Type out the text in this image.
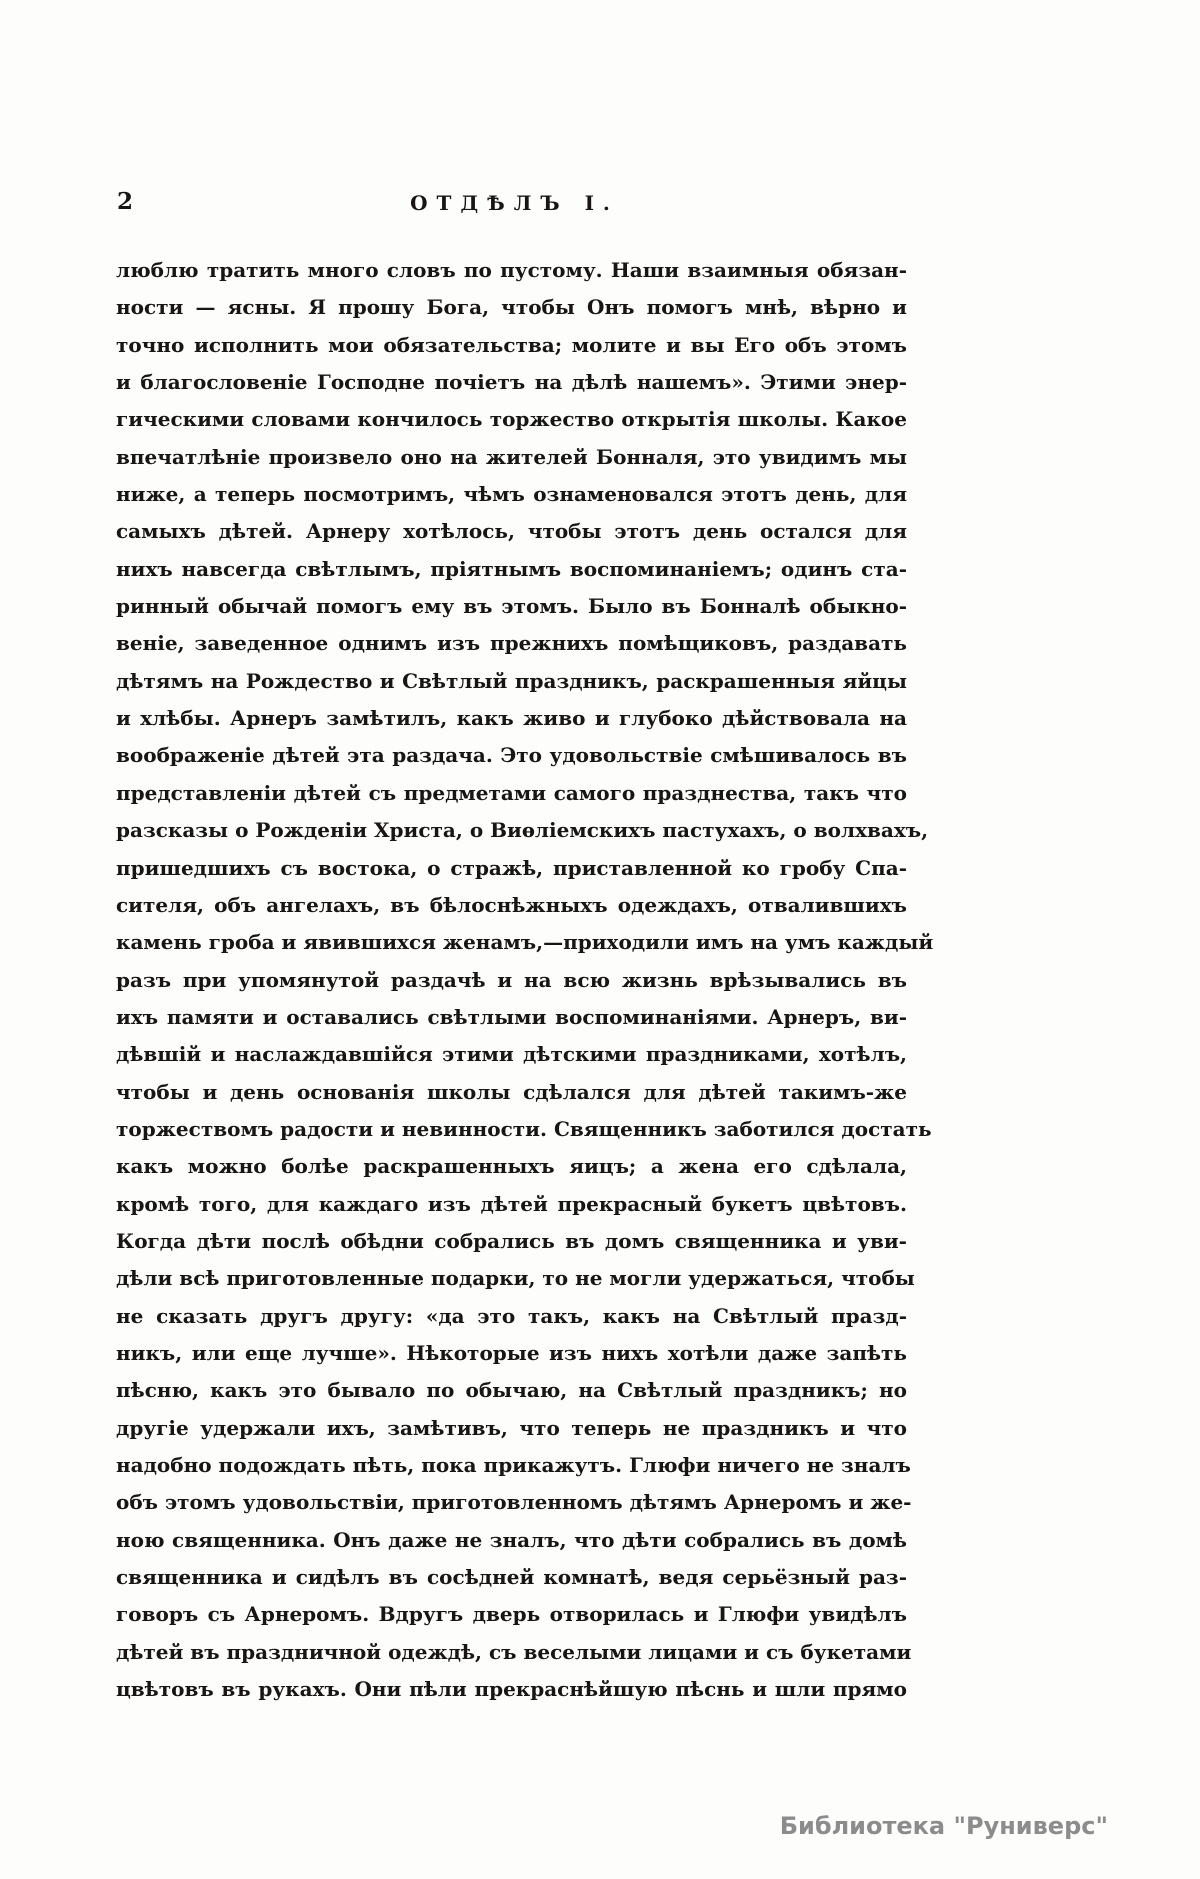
2	ОТДѢЛЪ I.
люблю тратить много словъ по пустому. Наши взаимныя обязан-
ности — ясны. Я прошу Бога, чтобы Онъ помогъ мнѣ, вѣрно и
точно исполнить мои обязательства; молите и вы Его объ этомъ
и благословеніе Господне почіетъ на дѣлѣ нашемъ». Этими энер-
гическими словами кончилось торжество открытія школы. Какое
впечатлѣніе произвело оно на жителей Бонналя, это увидимъ мы
ниже, а теперь посмотримъ, чѣмъ ознаменовался этотъ день, для
самыхъ дѣтей. Арнеру хотѣлось, чтобы этотъ день остался для
нихъ навсегда свѣтлымъ, пріятнымъ воспоминаніемъ; одинъ ста-
ринный обычай помогъ ему въ этомъ. Было въ Бонналѣ обыкно-
веніе, заведенное однимъ изъ прежнихъ помѣщиковъ, раздавать
дѣтямъ на Рождество и Свѣтлый праздникъ, раскрашенныя яйцы
и хлѣбы. Арнеръ замѣтилъ, какъ живо и глубоко дѣйствовала на
воображеніе дѣтей эта раздача. Это удовольствіе смѣшивалось въ
представленіи дѣтей съ предметами самого празднества, такъ что
разсказы о Рожденіи Христа, о Виѳліемскихъ пастухахъ, о волхвахъ,
пришедшихъ съ востока, о стражѣ, приставленной ко гробу Спа-
сителя, объ ангелахъ, въ бѣлоснѣжныхъ одеждахъ, отвалившихъ
камень гроба и явившихся женамъ,—приходили имъ на умъ каждый
разъ при упомянутой раздачѣ и на всю жизнь врѣзывались въ
ихъ памяти и оставались свѣтлыми воспоминаніями. Арнеръ, ви-
дѣвшій и наслаждавшійся этими дѣтскими праздниками, хотѣлъ,
чтобы и день основанія школы сдѣлался для дѣтей такимъ-же
торжествомъ радости и невинности. Священникъ заботился достать
какъ можно болѣе раскрашенныхъ яицъ; а жена его сдѣлала,
кромѣ того, для каждаго изъ дѣтей прекрасный букетъ цвѣтовъ.
Когда дѣти послѣ обѣдни собрались въ домъ священника и уви-
дѣли всѣ приготовленные подарки, то не могли удержаться, чтобы
не сказать другъ другу: «да это такъ, какъ на Свѣтлый празд-
никъ, или еще лучше». Нѣкоторые изъ нихъ хотѣли даже запѣть
пѣсню, какъ это бывало по обычаю, на Свѣтлый праздникъ; но
другіе удержали ихъ, замѣтивъ, что теперь не праздникъ и что
надобно подождать пѣть, пока прикажутъ. Глюфи ничего не зналъ
объ этомъ удовольствіи, приготовленномъ дѣтямъ Арнеромъ и же-
ною священника. Онъ даже не зналъ, что дѣти собрались въ домѣ
священника и сидѣлъ въ сосѣдней комнатѣ, ведя серьёзный раз-
говоръ съ Арнеромъ. Вдругъ дверь отворилась и Глюфи увидѣлъ
дѣтей въ праздничной одеждѣ, съ веселыми лицами и съ букетами
цвѣтовъ въ рукахъ. Они пѣли прекраснѣйшую пѣснь и шли прямо
Библиотека "Руниверс"
